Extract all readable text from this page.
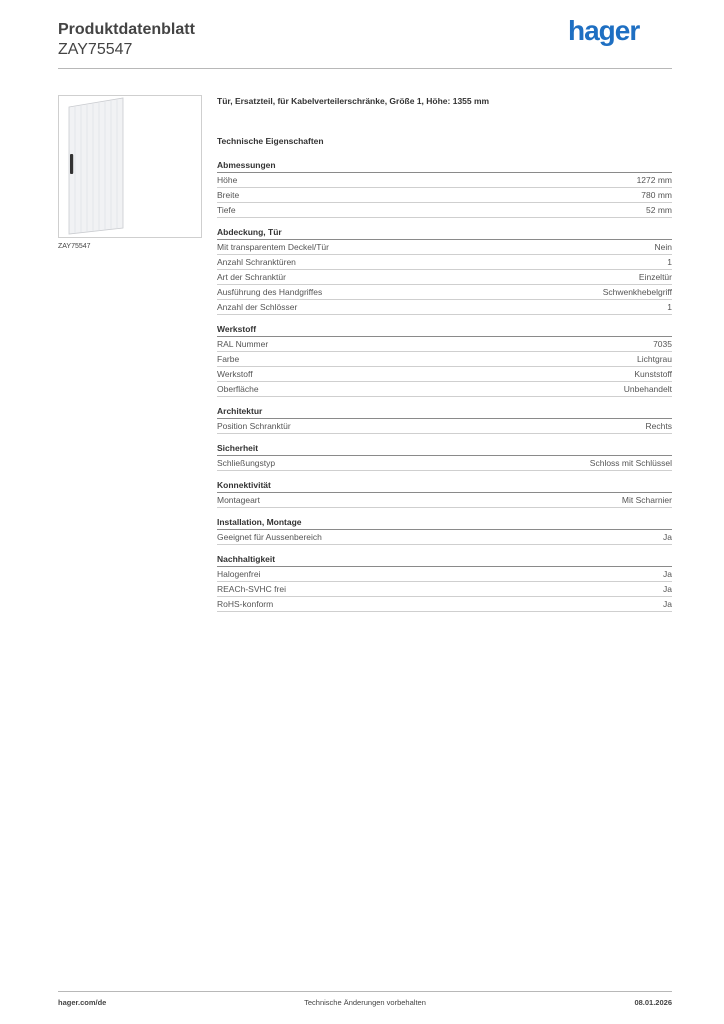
Produktdatenblatt
ZAY75547
hager
ZAY75547
Tür, Ersatzteil, für Kabelverteilerschränke, Größe 1, Höhe: 1355 mm
Technische Eigenschaften
Abmessungen
Höhe	1272 mm
Breite	780 mm
Tiefe	52 mm
Abdeckung, Tür
Mit transparentem Deckel/Tür	Nein
Anzahl Schranktüren	1
Art der Schranktür	Einzeltür
Ausführung des Handgriffes	Schwenkhebelgriff
Anzahl der Schlösser	1
Werkstoff
RAL Nummer	7035
Farbe	Lichtgrau
Werkstoff	Kunststoff
Oberfläche	Unbehandelt
Architektur
Position Schranktür	Rechts
Sicherheit
Schließungstyp	Schloss mit Schlüssel
Konnektivität
Montageart	Mit Scharnier
Installation, Montage
Geeignet für Aussenbereich	Ja
Nachhaltigkeit
Halogenfrei	Ja
REACh-SVHC frei	Ja
RoHS-konform	Ja
hager.com/de	Technische Änderungen vorbehalten	08.01.2026
